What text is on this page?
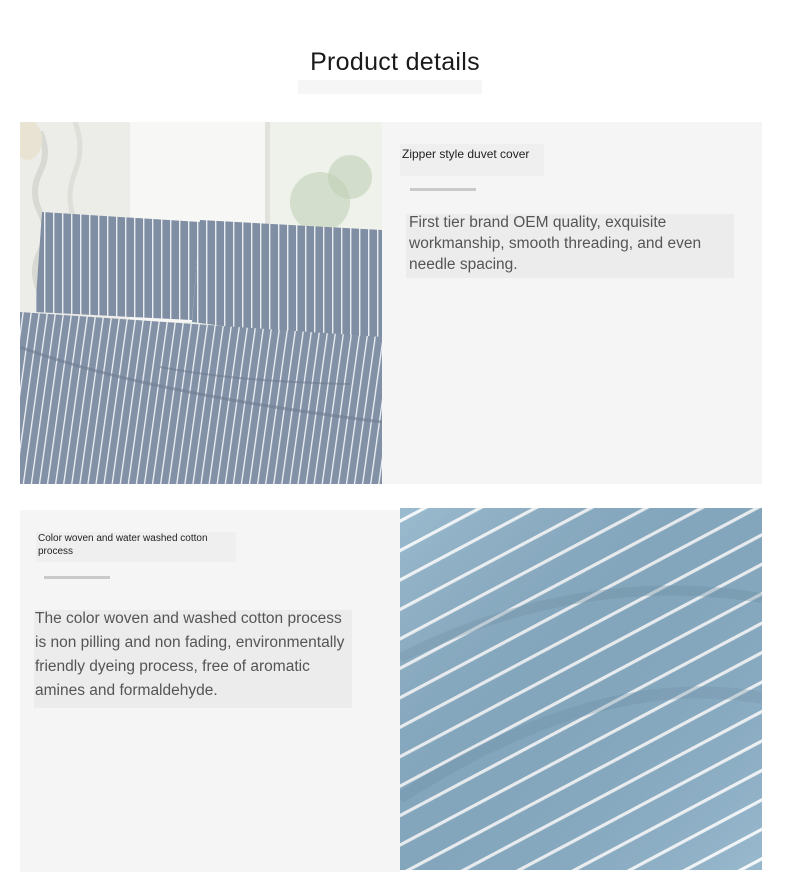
Product details
Zipper style duvet cover
First tier brand OEM quality, exquisite workmanship, smooth threading, and even needle spacing.
Color woven and water washed cotton process
The color woven and washed cotton process is non pilling and non fading, environmentally friendly dyeing process, free of aromatic amines and formaldehyde.
